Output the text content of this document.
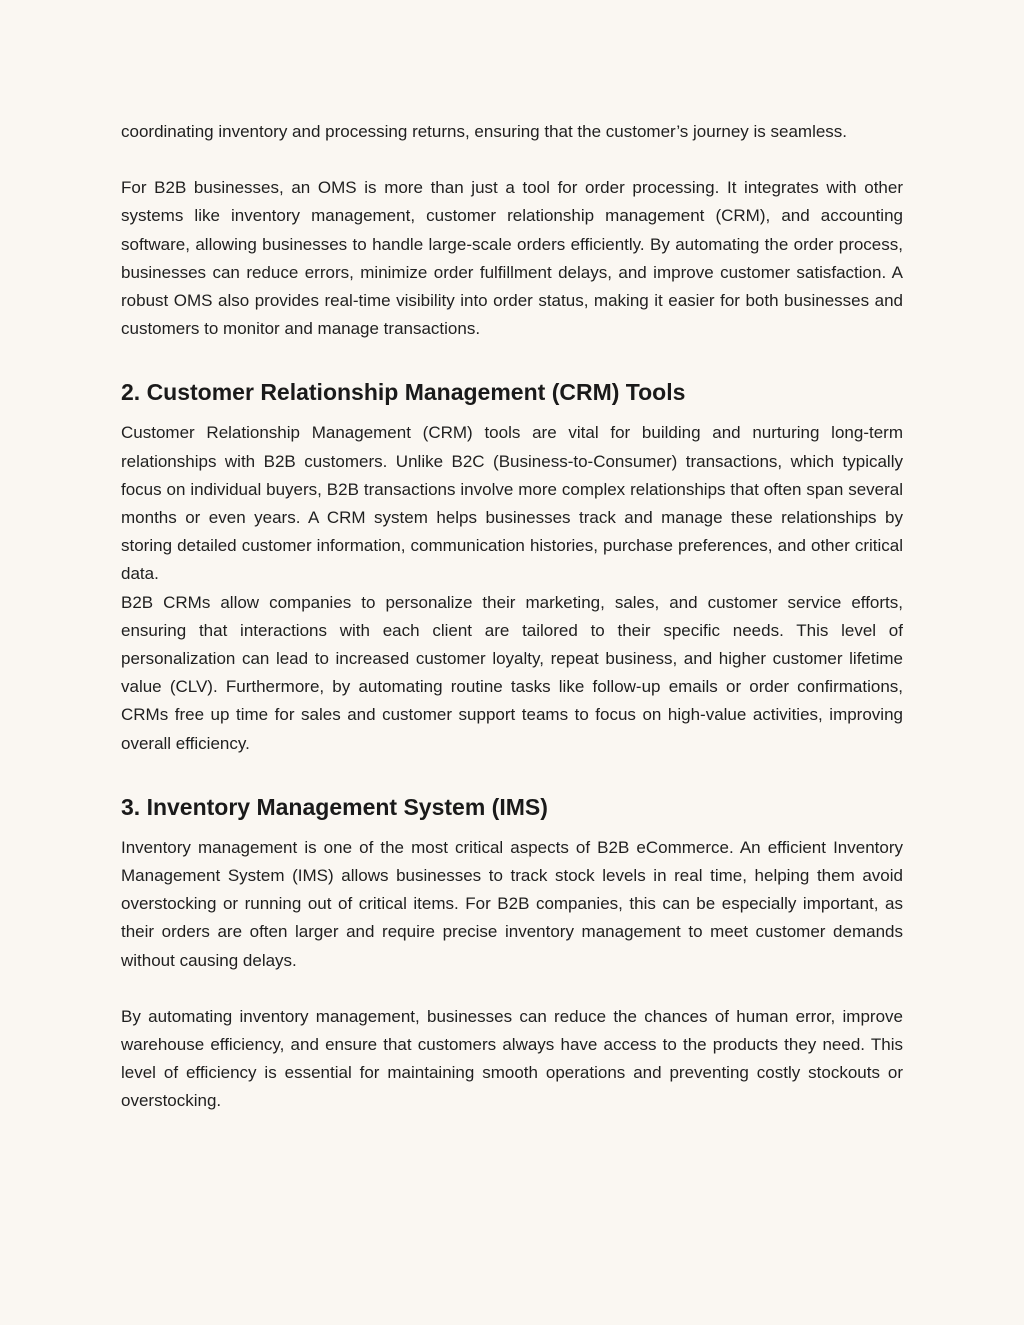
coordinating inventory and processing returns, ensuring that the customer’s journey is seamless.

For B2B businesses, an OMS is more than just a tool for order processing. It integrates with other systems like inventory management, customer relationship management (CRM), and accounting software, allowing businesses to handle large-scale orders efficiently. By automating the order process, businesses can reduce errors, minimize order fulfillment delays, and improve customer satisfaction. A robust OMS also provides real-time visibility into order status, making it easier for both businesses and customers to monitor and manage transactions.

2. Customer Relationship Management (CRM) Tools

Customer Relationship Management (CRM) tools are vital for building and nurturing long-term relationships with B2B customers. Unlike B2C (Business-to-Consumer) transactions, which typically focus on individual buyers, B2B transactions involve more complex relationships that often span several months or even years. A CRM system helps businesses track and manage these relationships by storing detailed customer information, communication histories, purchase preferences, and other critical data.

B2B CRMs allow companies to personalize their marketing, sales, and customer service efforts, ensuring that interactions with each client are tailored to their specific needs. This level of personalization can lead to increased customer loyalty, repeat business, and higher customer lifetime value (CLV). Furthermore, by automating routine tasks like follow-up emails or order confirmations, CRMs free up time for sales and customer support teams to focus on high-value activities, improving overall efficiency.

3. Inventory Management System (IMS)

Inventory management is one of the most critical aspects of B2B eCommerce. An efficient Inventory Management System (IMS) allows businesses to track stock levels in real time, helping them avoid overstocking or running out of critical items. For B2B companies, this can be especially important, as their orders are often larger and require precise inventory management to meet customer demands without causing delays.

By automating inventory management, businesses can reduce the chances of human error, improve warehouse efficiency, and ensure that customers always have access to the products they need. This level of efficiency is essential for maintaining smooth operations and preventing costly stockouts or overstocking.
